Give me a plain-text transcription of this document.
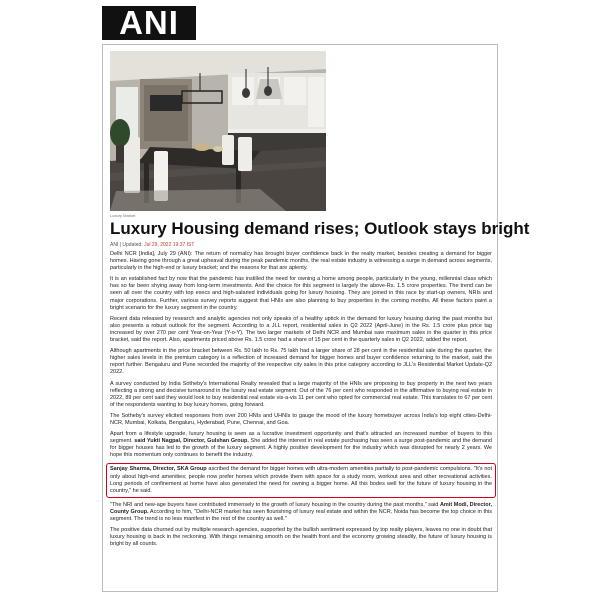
ANI
Luxury Market
Luxury Housing demand rises; Outlook stays bright
ANI | Updated: Jul 29, 2022 19:37 IST

Delhi NCR [India], July 29 (ANI): The return of normalcy has brought buyer confidence back in the realty market, besides creating a demand for bigger homes. Having gone through a great upheaval during the peak pandemic months, the real estate industry is witnessing a surge in demand across segments, particularly in the high-end or luxury bracket; and the reasons for that are aplenty.

It is an established fact by now that the pandemic has instilled the need for owning a home among people, particularly in the young, millennial class which has so far been shying away from long-term investments. And the choice for this segment is largely the above-Rs. 1.5 crore properties. The trend can be seen all over the country with top execs and high-salaried individuals going for luxury housing. They are joined in this race by start-up owners, NRIs and major corporations. Further, various survey reports suggest that HNIs are also planning to buy properties in the coming months. All these factors paint a bright scenario for the luxury segment in the country.

Recent data released by research and analytic agencies not only speaks of a healthy uptick in the demand for luxury housing during the past months but also presents a robust outlook for the segment. According to a JLL report, residential sales in Q2 2022 (April-June) in the Rs. 1.5 crore plus price tag increased by over 270 per cent Year-on-Year (Y-o-Y). The two larger markets of Delhi NCR and Mumbai saw maximum sales in the quarter in this price bracket, said the report. Also, apartments priced above Rs. 1.5 crore had a share of 15 per cent in the quarterly sales in Q2 2022, added the report.

Although apartments in the price bracket between Rs. 50 lakh to Rs. 75 lakh had a larger share of 28 per cent in the residential sale during the quarter, the higher sales levels in the premium category is a reflection of increased demand for bigger homes and buyer confidence returning to the market, said the report further. Bengaluru and Pune recorded the majority of the respective city sales in this price category according to JLL's Residential Market Update-Q2 2022.

A survey conducted by India Sotheby's International Realty revealed that a large majority of the HNIs are proposing to buy property in the next two years reflecting a strong and decisive turnaround in the luxury real estate segment. Out of the 76 per cent who responded in the affirmative to buying real estate in 2022, 89 per cent said they would look to buy residential real estate vis-a-vis 11 per cent who opted for commercial real estate. This translates to 67 per cent of the respondents wanting to buy luxury homes, going forward.

The Sotheby's survey elicited responses from over 200 HNIs and UHNIs to gauge the mood of the luxury homebuyer across India's top eight cities-Delhi-NCR, Mumbai, Kolkata, Bengaluru, Hyderabad, Pune, Chennai, and Goa.

Apart from a lifestyle upgrade, luxury housing is seen as a lucrative investment opportunity and that's attracted an increased number of buyers to this segment. said Yukti Nagpal, Director, Gulshan Group. She added the interest in real estate purchasing has seen a surge post-pandemic and the demand for bigger houses has led to the growth of the luxury segment. A highly positive development for the industry which was disrupted for nearly 2 years. We hope this momentum only continues to benefit the industry.

Sanjay Sharma, Director, SKA Group ascribed the demand for bigger homes with ultra-modern amenities partially to post-pandemic compulsions. "It's not only about high-end amenities; people now prefer homes which provide them with space for a study room, workout area and other recreational activities. Long periods of confinement at home have also generated the need for owning a bigger home. All this bodes well for the future of luxury housing in the country," he said.

"The NRI and new-age buyers have contributed immensely to the growth of luxury housing in the country during the past months," said Amit Modi, Director, County Group. According to him, "Delhi-NCR market has seen flourishing of luxury real estate and within the NCR, Noida has become the top choice in this segment. The trend is no less manifest in the rest of the country as well."

The positive data churned out by multiple research agencies, supported by the bullish sentiment expressed by top realty players, leaves no one in doubt that luxury housing is back in the reckoning. With things remaining smooth on the health front and the economy growing steadily, the future of luxury housing is bright by all counts.
